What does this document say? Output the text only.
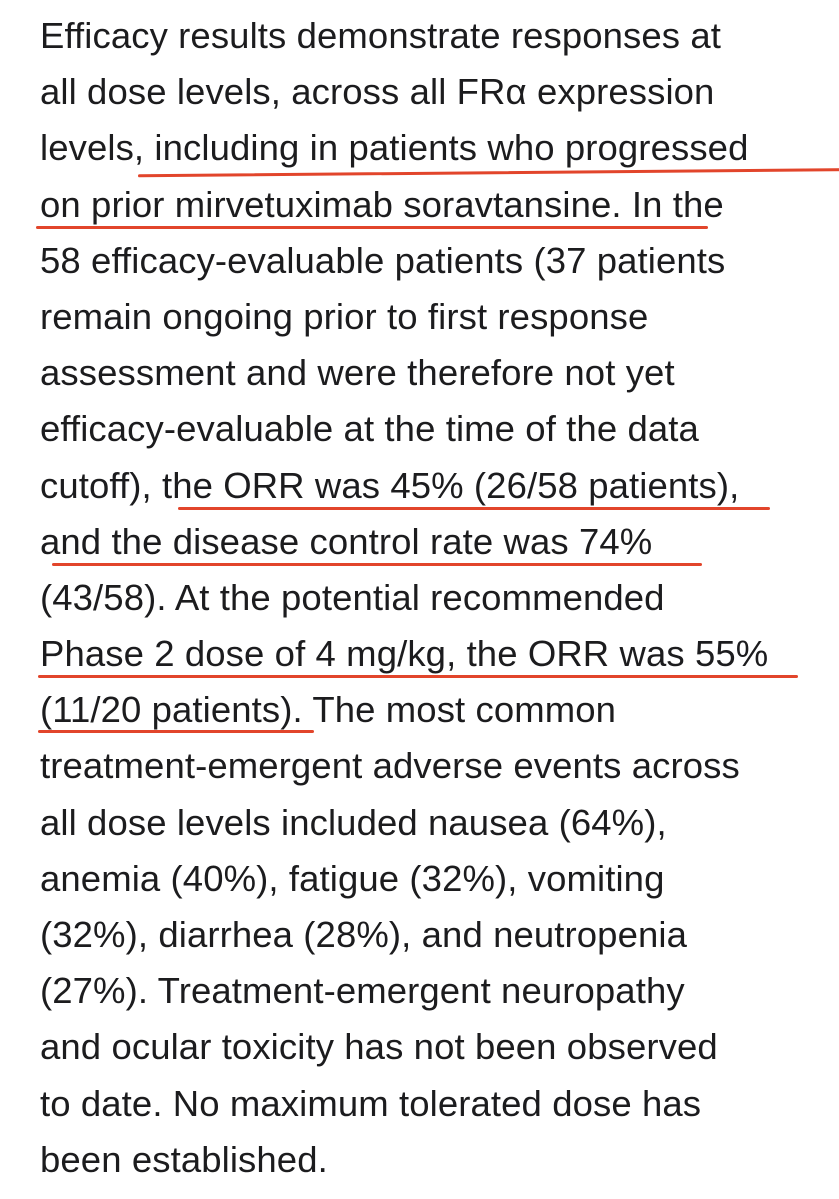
Efficacy results demonstrate responses at
all dose levels, across all FRα expression
levels, including in patients who progressed
on prior mirvetuximab soravtansine. In the
58 efficacy-evaluable patients (37 patients
remain ongoing prior to first response
assessment and were therefore not yet
efficacy-evaluable at the time of the data
cutoff), the ORR was 45% (26/58 patients),
and the disease control rate was 74%
(43/58). At the potential recommended
Phase 2 dose of 4 mg/kg, the ORR was 55%
(11/20 patients). The most common
treatment-emergent adverse events across
all dose levels included nausea (64%),
anemia (40%), fatigue (32%), vomiting
(32%), diarrhea (28%), and neutropenia
(27%). Treatment-emergent neuropathy
and ocular toxicity has not been observed
to date. No maximum tolerated dose has
been established.
